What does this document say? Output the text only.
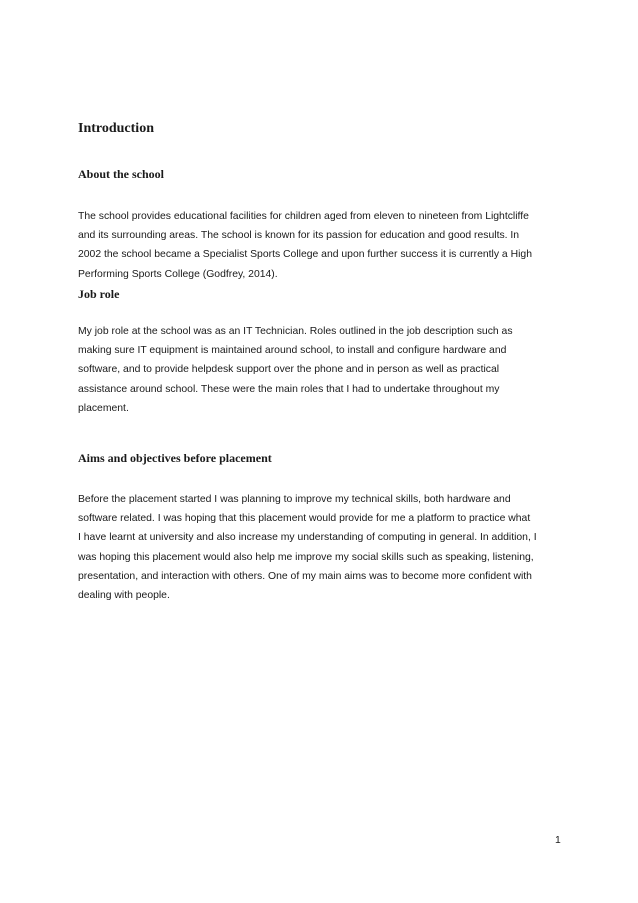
Introduction
About the school
The school provides educational facilities for children aged from eleven to nineteen from Lightcliffe
and its surrounding areas. The school is known for its passion for education and good results. In
2002 the school became a Specialist Sports College and upon further success it is currently a High
Performing Sports College (Godfrey, 2014).
Job role
My job role at the school was as an IT Technician. Roles outlined in the job description such as
making sure IT equipment is maintained around school, to install and configure hardware and
software, and to provide helpdesk support over the phone and in person as well as practical
assistance around school. These were the main roles that I had to undertake throughout my
placement.
Aims and objectives before placement
Before the placement started I was planning to improve my technical skills, both hardware and
software related. I was hoping that this placement would provide for me a platform to practice what
I have learnt at university and also increase my understanding of computing in general. In addition, I
was hoping this placement would also help me improve my social skills such as speaking, listening,
presentation, and interaction with others. One of my main aims was to become more confident with
dealing with people.
1
